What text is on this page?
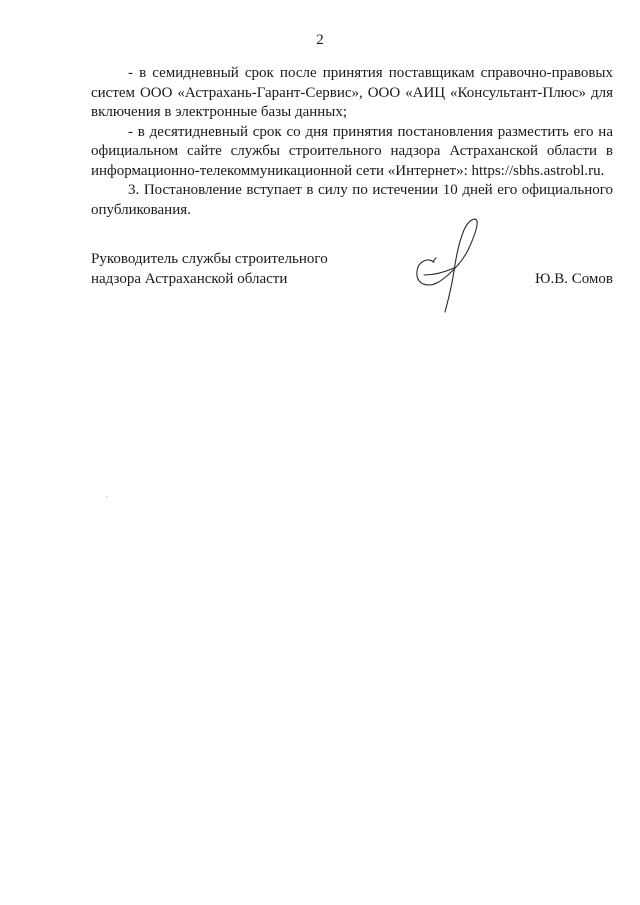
2

- в семидневный срок после принятия поставщикам справочно-правовых систем ООО «Астрахань-Гарант-Сервис», ООО «АИЦ «Консультант-Плюс» для включения в электронные базы данных;

- в десятидневный срок со дня принятия постановления разместить его на официальном сайте службы строительного надзора Астраханской области в информационно-телекоммуникационной сети «Интернет»: https://sbhs.astrobl.ru.

3. Постановление вступает в силу по истечении 10 дней его официального опубликования.

Руководитель службы строительного
надзора Астраханской области	Ю.В. Сомов
